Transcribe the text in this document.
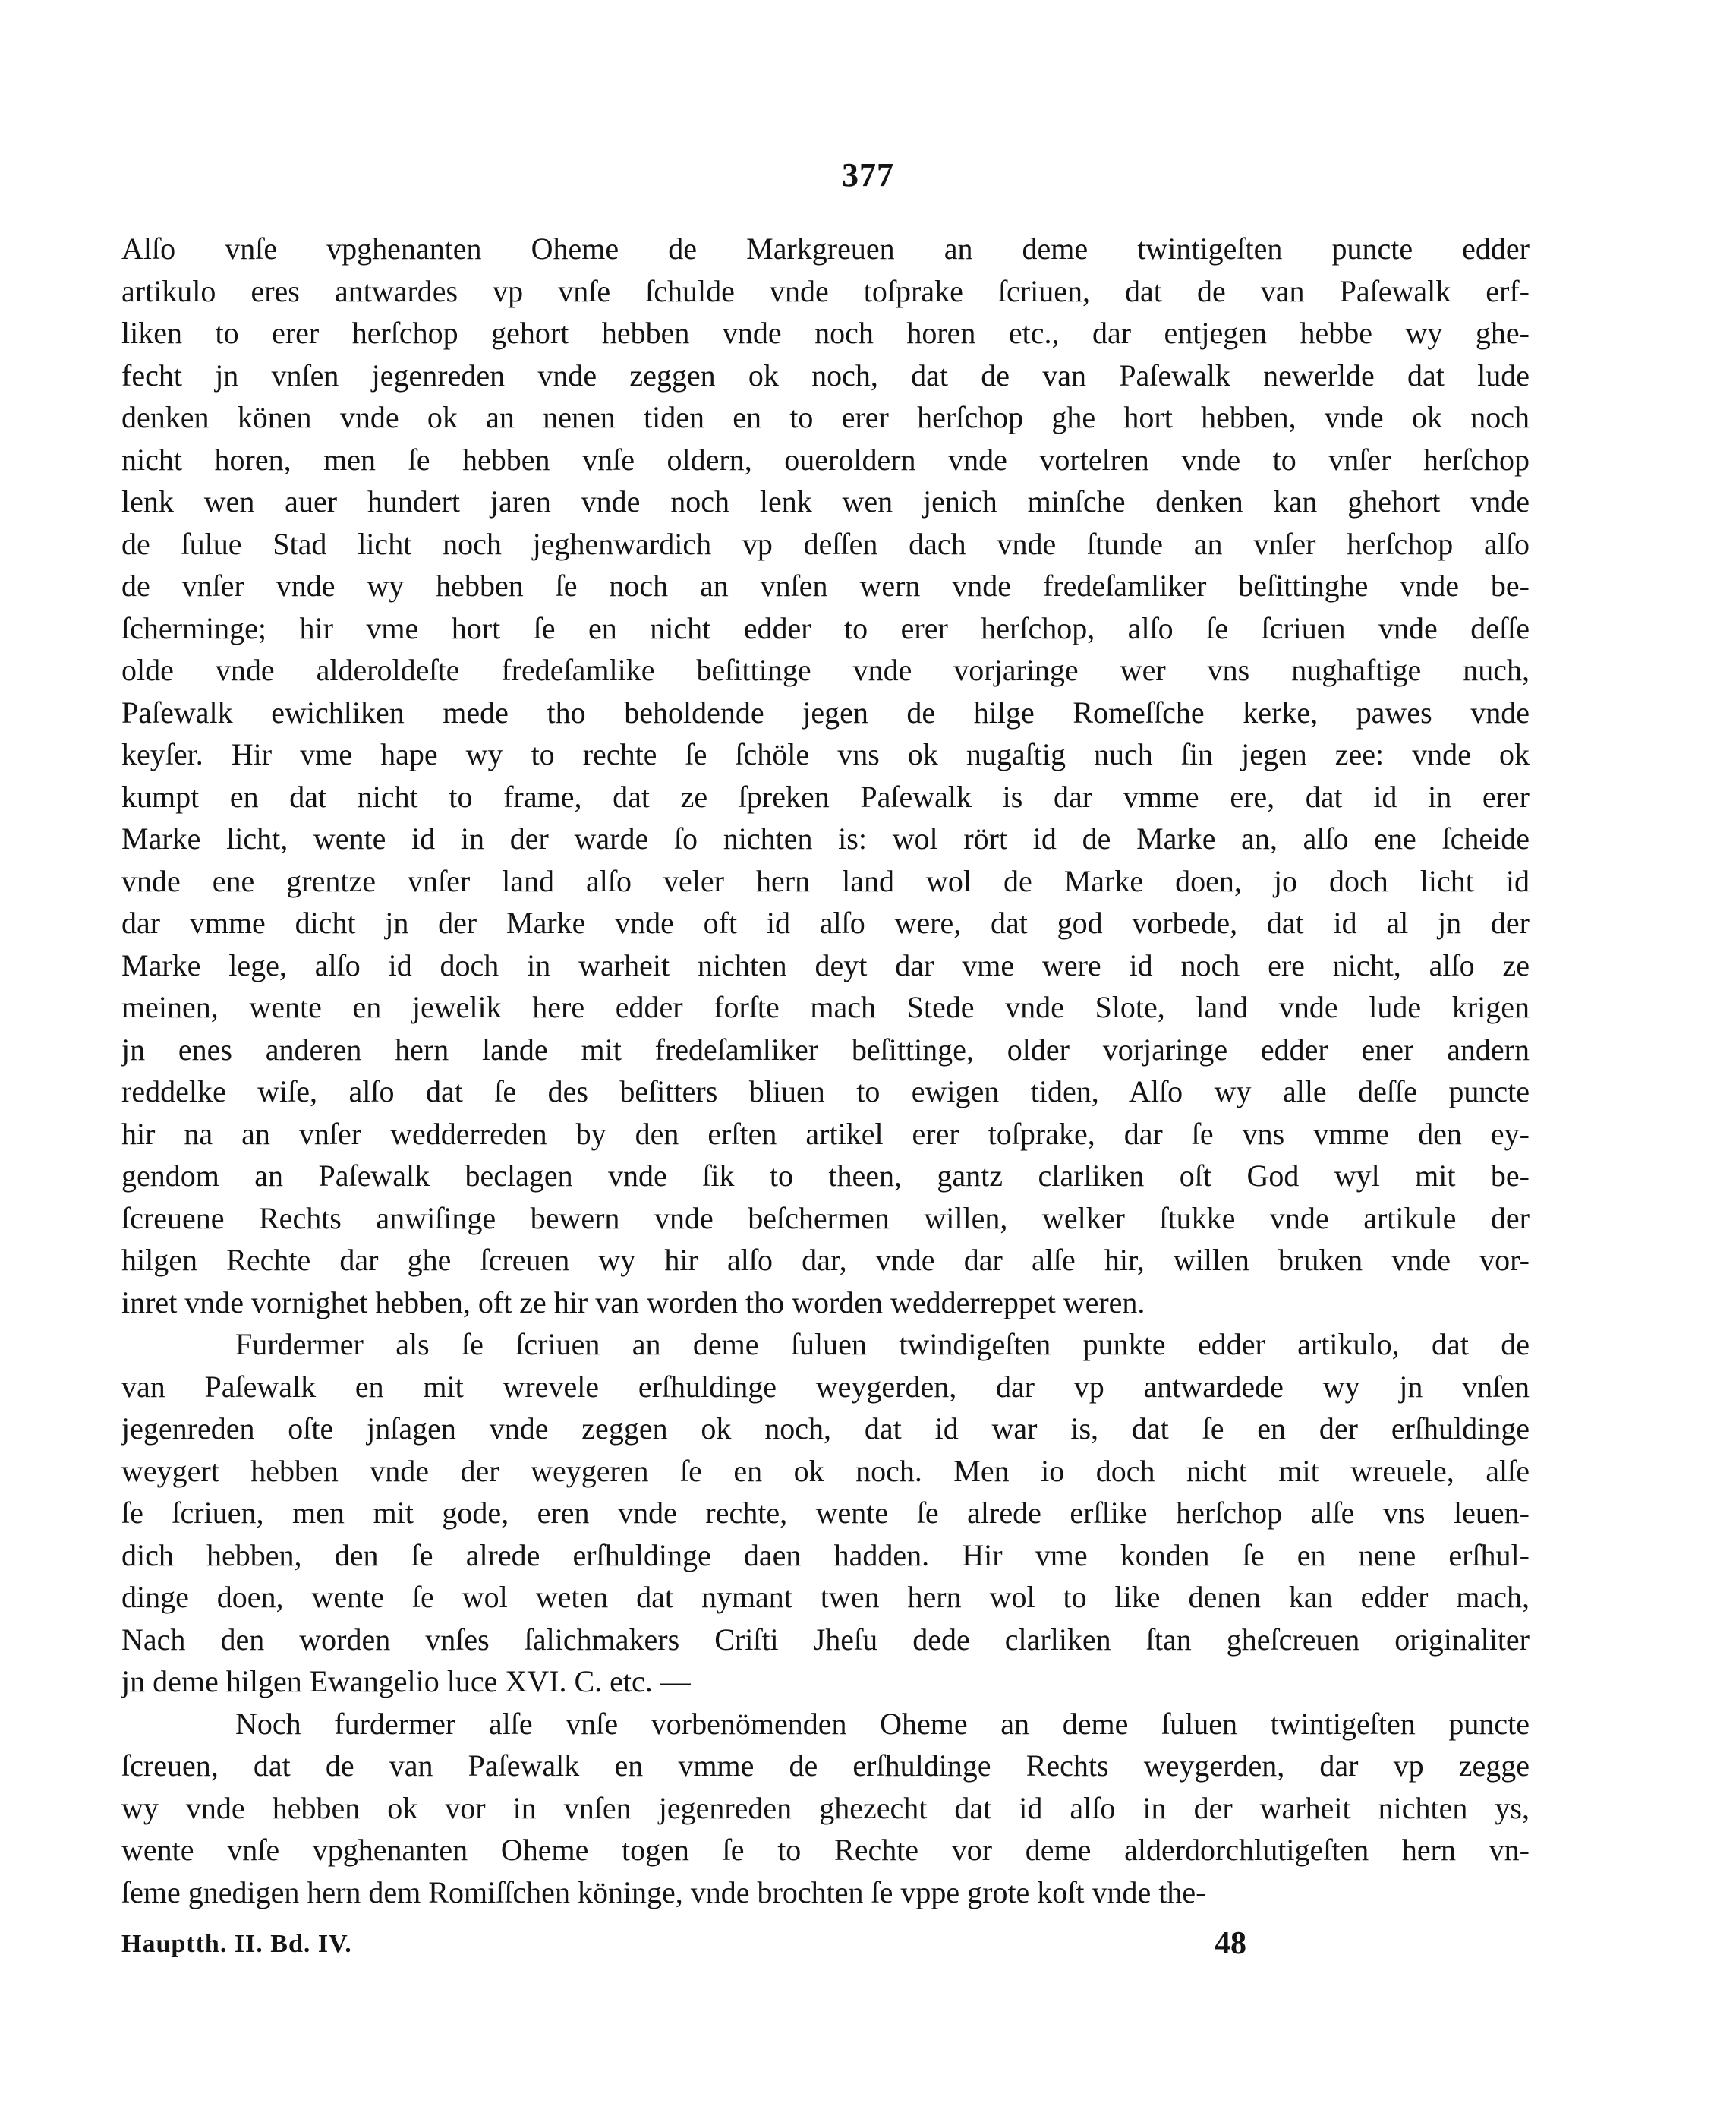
377
Alſo vnſe vpghenanten Oheme de Markgreuen an deme twintigeſten puncte edder
artikulo eres antwardes vp vnſe ſchulde vnde toſprake ſcriuen, dat de van Paſewalk erf-
liken to erer herſchop gehort hebben vnde noch horen etc., dar entjegen hebbe wy ghe-
fecht jn vnſen jegenreden vnde zeggen ok noch, dat de van Paſewalk newerlde dat lude
denken könen vnde ok an nenen tiden en to erer herſchop ghe hort hebben, vnde ok noch
nicht horen, men ſe hebben vnſe oldern, oueroldern vnde vortelren vnde to vnſer herſchop
lenk wen auer hundert jaren vnde noch lenk wen jenich minſche denken kan ghehort vnde
de ſulue Stad licht noch jeghenwardich vp deſſen dach vnde ſtunde an vnſer herſchop alſo
de vnſer vnde wy hebben ſe noch an vnſen wern vnde fredeſamliker beſittinghe vnde be-
ſcherminge; hir vme hort ſe en nicht edder to erer herſchop, alſo ſe ſcriuen vnde deſſe
olde vnde alderoldeſte fredeſamlike beſittinge vnde vorjaringe wer vns nughaftige nuch,
Paſewalk ewichliken mede tho beholdende jegen de hilge Romeſſche kerke, pawes vnde
keyſer. Hir vme hape wy to rechte ſe ſchöle vns ok nugaſtig nuch ſin jegen zee: vnde ok
kumpt en dat nicht to frame, dat ze ſpreken Paſewalk is dar vmme ere, dat id in erer
Marke licht, wente id in der warde ſo nichten is: wol rört id de Marke an, alſo ene ſcheide
vnde ene grentze vnſer land alſo veler hern land wol de Marke doen, jo doch licht id
dar vmme dicht jn der Marke vnde oft id alſo were, dat god vorbede, dat id al jn der
Marke lege, alſo id doch in warheit nichten deyt dar vme were id noch ere nicht, alſo ze
meinen, wente en jewelik here edder forſte mach Stede vnde Slote, land vnde lude krigen
jn enes anderen hern lande mit fredeſamliker beſittinge, older vorjaringe edder ener andern
reddelke wiſe, alſo dat ſe des beſitters bliuen to ewigen tiden, Alſo wy alle deſſe puncte
hir na an vnſer wedderreden by den erſten artikel erer toſprake, dar ſe vns vmme den ey-
gendom an Paſewalk beclagen vnde ſik to theen, gantz clarliken oſt God wyl mit be-
ſcreuene Rechts anwiſinge bewern vnde beſchermen willen, welker ſtukke vnde artikule der
hilgen Rechte dar ghe ſcreuen wy hir alſo dar, vnde dar alſe hir, willen bruken vnde vor-
inret vnde vornighet hebben, oft ze hir van worden tho worden wedderreppet weren.
Furdermer als ſe ſcriuen an deme ſuluen twindigeſten punkte edder artikulo, dat de
van Paſewalk en mit wrevele erſhuldinge weygerden, dar vp antwardede wy jn vnſen
jegenreden oſte jnſagen vnde zeggen ok noch, dat id war is, dat ſe en der erſhuldinge
weygert hebben vnde der weygeren ſe en ok noch. Men io doch nicht mit wreuele, alſe
ſe ſcriuen, men mit gode, eren vnde rechte, wente ſe alrede erſlike herſchop alſe vns leuen-
dich hebben, den ſe alrede erſhuldinge daen hadden. Hir vme konden ſe en nene erſhul-
dinge doen, wente ſe wol weten dat nymant twen hern wol to like denen kan edder mach,
Nach den worden vnſes ſalichmakers Criſti Jheſu dede clarliken ſtan gheſcreuen originaliter
jn deme hilgen Ewangelio luce XVI. C. etc. —
Noch furdermer alſe vnſe vorbenömenden Oheme an deme ſuluen twintigeſten puncte
ſcreuen, dat de van Paſewalk en vmme de erſhuldinge Rechts weygerden, dar vp zegge
wy vnde hebben ok vor in vnſen jegenreden ghezecht dat id alſo in der warheit nichten ys,
wente vnſe vpghenanten Oheme togen ſe to Rechte vor deme alderdorchlutigeſten hern vn-
ſeme gnedigen hern dem Romiſſchen köninge, vnde brochten ſe vppe grote koſt vnde the-
Hauptth. II. Bd. IV.	48
